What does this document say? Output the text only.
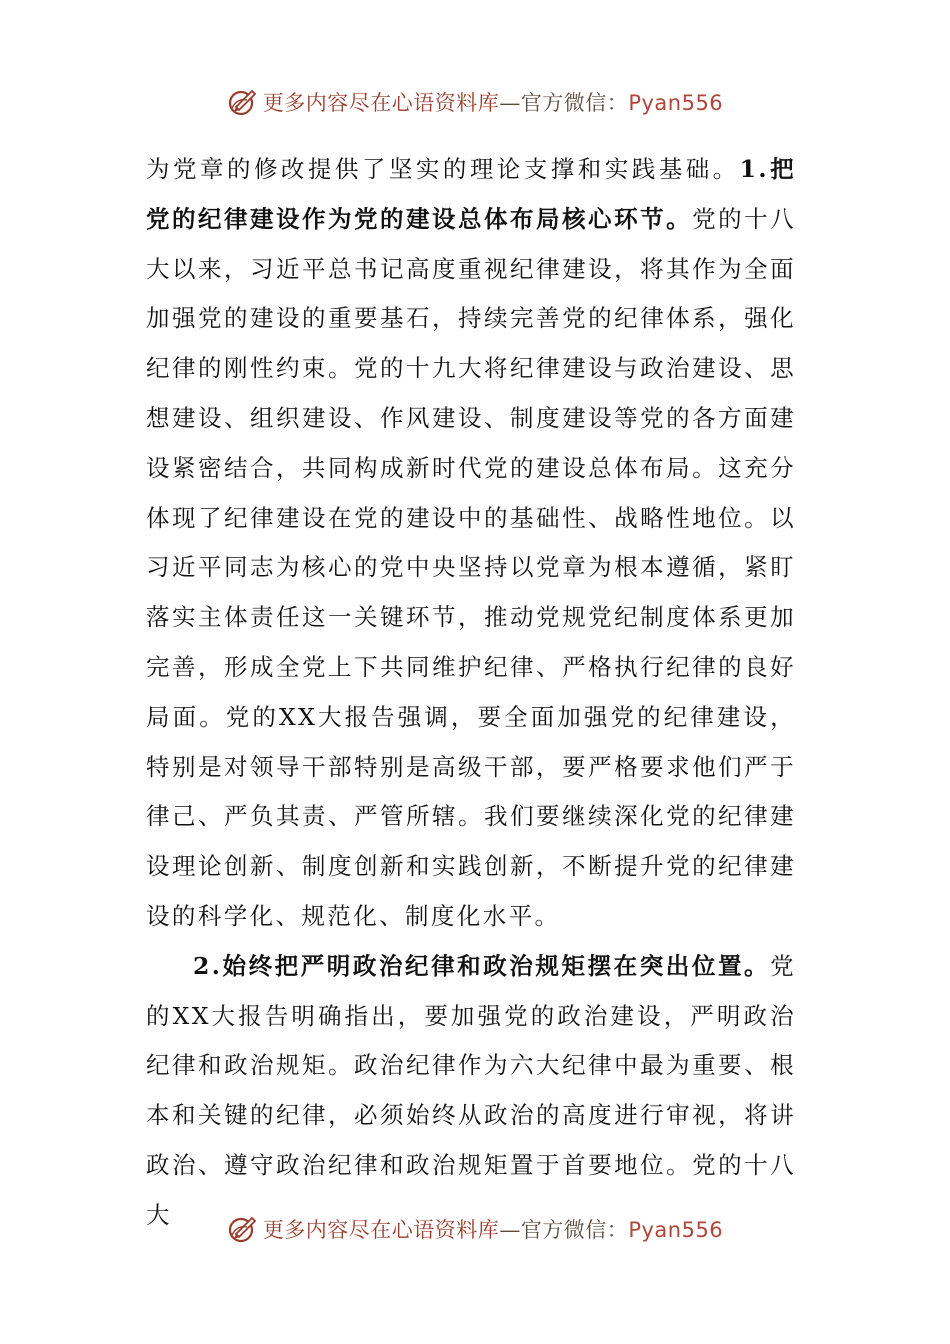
更多内容尽在心语资料库—官方微信：Pyan556

为党章的修改提供了坚实的理论支撑和实践基础。1.把党的纪律建设作为党的建设总体布局核心环节。党的十八大以来，习近平总书记高度重视纪律建设，将其作为全面加强党的建设的重要基石，持续完善党的纪律体系，强化纪律的刚性约束。党的十九大将纪律建设与政治建设、思想建设、组织建设、作风建设、制度建设等党的各方面建设紧密结合，共同构成新时代党的建设总体布局。这充分体现了纪律建设在党的建设中的基础性、战略性地位。以习近平同志为核心的党中央坚持以党章为根本遵循，紧盯落实主体责任这一关键环节，推动党规党纪制度体系更加完善，形成全党上下共同维护纪律、严格执行纪律的良好局面。党的XX大报告强调，要全面加强党的纪律建设，特别是对领导干部特别是高级干部，要严格要求他们严于律己、严负其责、严管所辖。我们要继续深化党的纪律建设理论创新、制度创新和实践创新，不断提升党的纪律建设的科学化、规范化、制度化水平。

2.始终把严明政治纪律和政治规矩摆在突出位置。党的XX大报告明确指出，要加强党的政治建设，严明政治纪律和政治规矩。政治纪律作为六大纪律中最为重要、根本和关键的纪律，必须始终从政治的高度进行审视，将讲政治、遵守政治纪律和政治规矩置于首要地位。党的十八大

更多内容尽在心语资料库—官方微信：Pyan556
